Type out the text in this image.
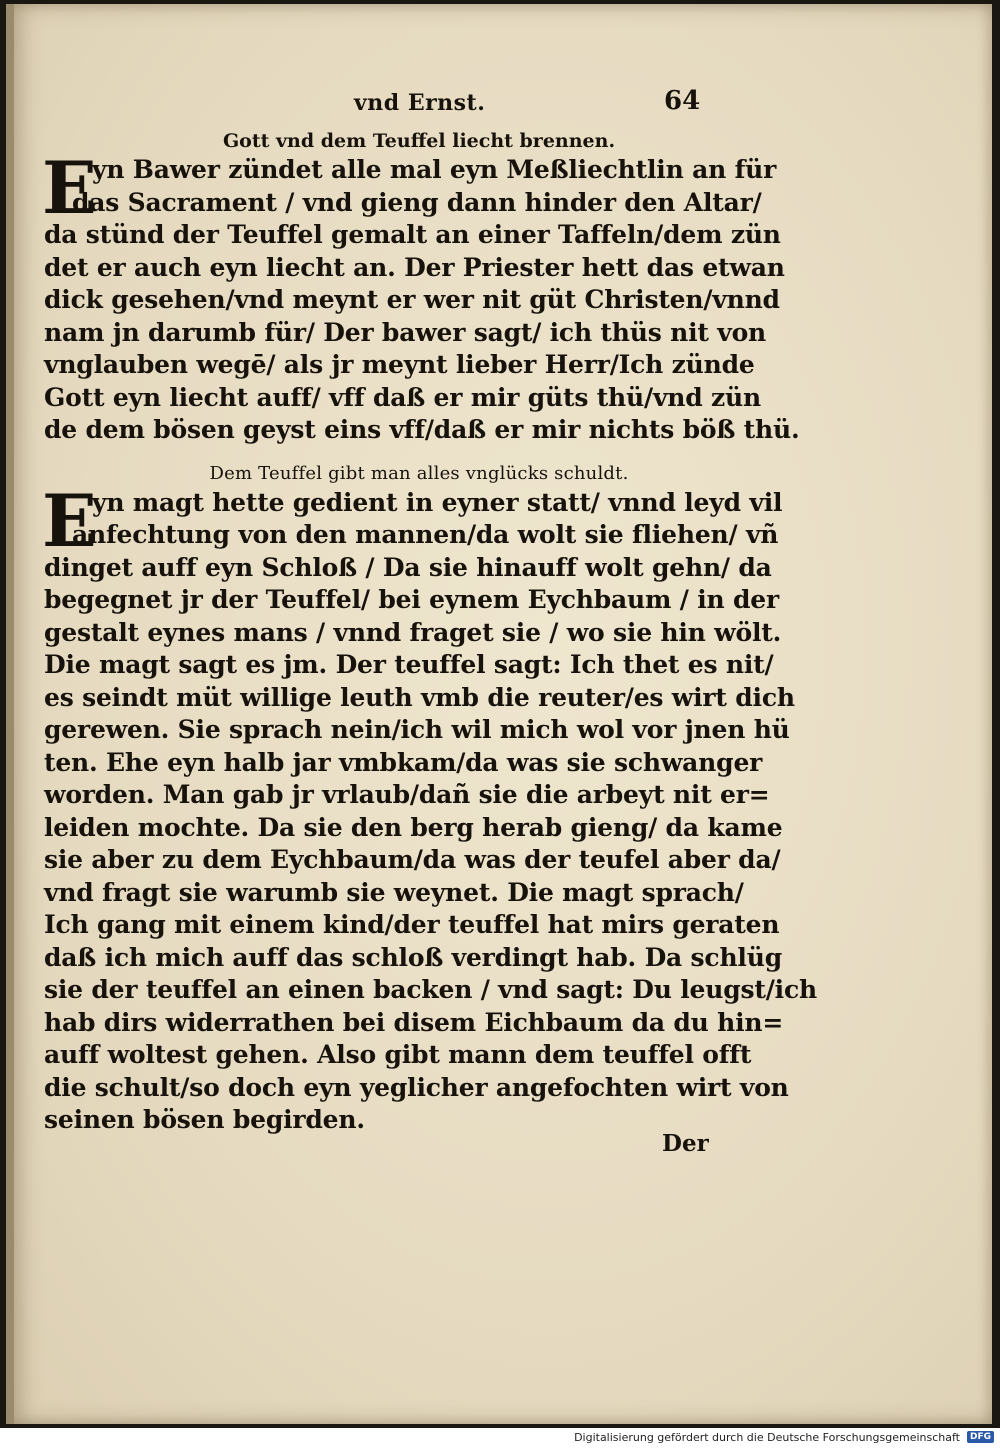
vnd Ernst.	64
Gott vnd dem Teuffel liecht brennen.
E
yn Bawer zündet alle mal eyn Meßliechtlin an für
das Sacrament / vnd gieng dann hinder den Altar/
da stünd der Teuffel gemalt an einer Taffeln/dem zün
det er auch eyn liecht an. Der Priester hett das etwan
dick gesehen/vnd meynt er wer nit güt Christen/vnnd
nam jn darumb für/ Der bawer sagt/ ich thüs nit von
vnglauben wegē/ als jr meynt lieber Herr/Ich zünde
Gott eyn liecht auff/ vff daß er mir güts thü/vnd zün
de dem bösen geyst eins vff/daß er mir nichts böß thü.
Dem Teuffel gibt man alles vnglücks schuldt.
E
yn magt hette gedient in eyner statt/ vnnd leyd vil
anfechtung von den mannen/da wolt sie fliehen/ vñ
dinget auff eyn Schloß / Da sie hinauff wolt gehn/ da
begegnet jr der Teuffel/ bei eynem Eychbaum / in der
gestalt eynes mans / vnnd fraget sie / wo sie hin wölt.
Die magt sagt es jm. Der teuffel sagt: Ich thet es nit/
es seindt müt willige leuth vmb die reuter/es wirt dich
gerewen. Sie sprach nein/ich wil mich wol vor jnen hü
ten. Ehe eyn halb jar vmbkam/da was sie schwanger
worden. Man gab jr vrlaub/dañ sie die arbeyt nit er=
leiden mochte. Da sie den berg herab gieng/ da kame
sie aber zu dem Eychbaum/da was der teufel aber da/
vnd fragt sie warumb sie weynet. Die magt sprach/
Ich gang mit einem kind/der teuffel hat mirs geraten
daß ich mich auff das schloß verdingt hab. Da schlüg
sie der teuffel an einen backen / vnd sagt: Du leugst/ich
hab dirs widerrathen bei disem Eichbaum da du hin=
auff woltest gehen. Also gibt mann dem teuffel offt
die schult/so doch eyn yeglicher angefochten wirt von
seinen bösen begirden.
Der
Digitalisierung gefördert durch die Deutsche Forschungsgemeinschaft	DFG
